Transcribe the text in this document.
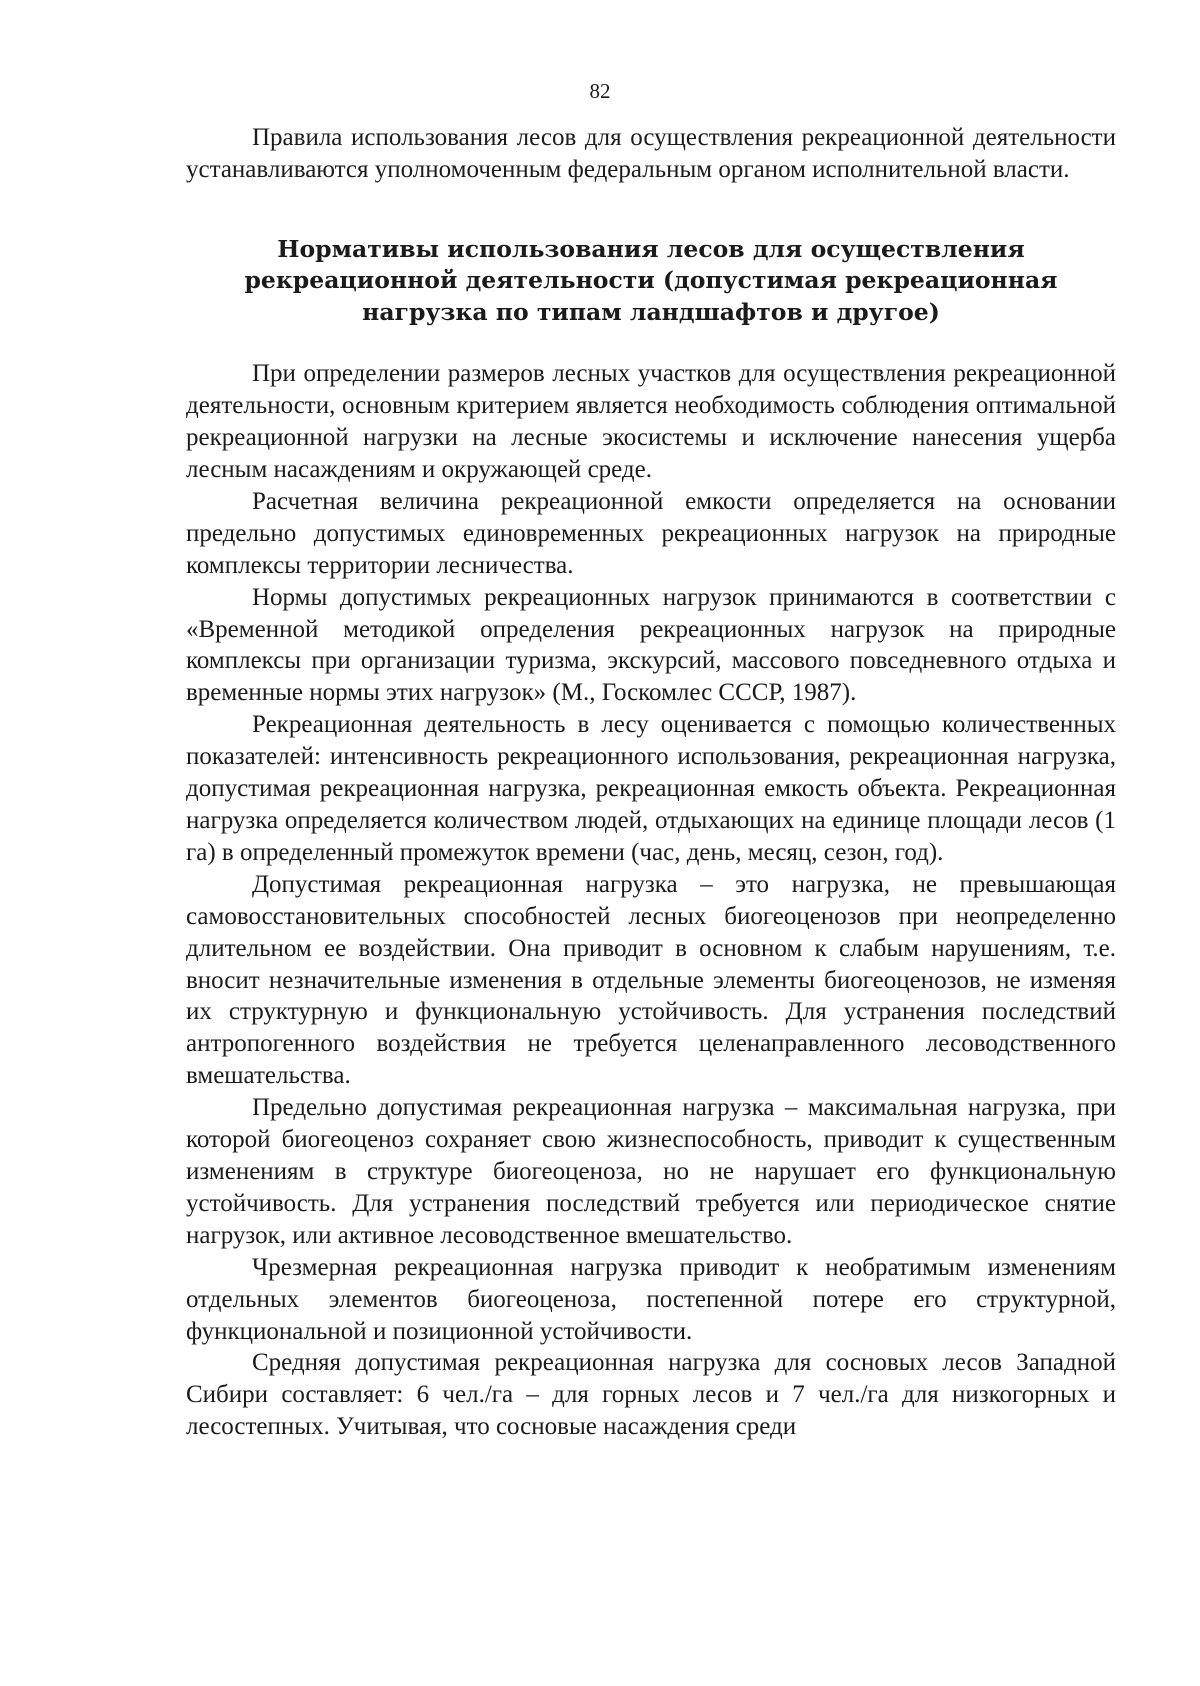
82

Правила использования лесов для осуществления рекреационной деятельности устанавливаются уполномоченным федеральным органом исполнительной власти.

Нормативы использования лесов для осуществления
рекреационной деятельности (допустимая рекреационная
нагрузка по типам ландшафтов и другое)

При определении размеров лесных участков для осуществления рекреационной деятельности, основным критерием является необходимость соблюдения оптимальной рекреационной нагрузки на лесные экосистемы и исключение нанесения ущерба лесным насаждениям и окружающей среде.

Расчетная величина рекреационной емкости определяется на основании предельно допустимых единовременных рекреационных нагрузок на природные комплексы территории лесничества.

Нормы допустимых рекреационных нагрузок принимаются в соответствии с «Временной методикой определения рекреационных нагрузок на природные комплексы при организации туризма, экскурсий, массового повседневного отдыха и временные нормы этих нагрузок» (М., Госкомлес СССР, 1987).

Рекреационная деятельность в лесу оценивается с помощью количественных показателей: интенсивность рекреационного использования, рекреационная нагрузка, допустимая рекреационная нагрузка, рекреационная емкость объекта. Рекреационная нагрузка определяется количеством людей, отдыхающих на единице площади лесов (1 га) в определенный промежуток времени (час, день, месяц, сезон, год).

Допустимая рекреационная нагрузка – это нагрузка, не превышающая самовосстановительных способностей лесных биогеоценозов при неопределенно длительном ее воздействии. Она приводит в основном к слабым нарушениям, т.е. вносит незначительные изменения в отдельные элементы биогеоценозов, не изменяя их структурную и функциональную устойчивость. Для устранения последствий антропогенного воздействия не требуется целенаправленного лесоводственного вмешательства.

Предельно допустимая рекреационная нагрузка – максимальная нагрузка, при которой биогеоценоз сохраняет свою жизнеспособность, приводит к существенным изменениям в структуре биогеоценоза, но не нарушает его функциональную устойчивость. Для устранения последствий требуется или периодическое снятие нагрузок, или активное лесоводственное вмешательство.

Чрезмерная рекреационная нагрузка приводит к необратимым изменениям отдельных элементов биогеоценоза, постепенной потере его структурной, функциональной и позиционной устойчивости.

Средняя допустимая рекреационная нагрузка для сосновых лесов Западной Сибири составляет: 6 чел./га – для горных лесов и 7 чел./га для низкогорных и лесостепных. Учитывая, что сосновые насаждения среди
